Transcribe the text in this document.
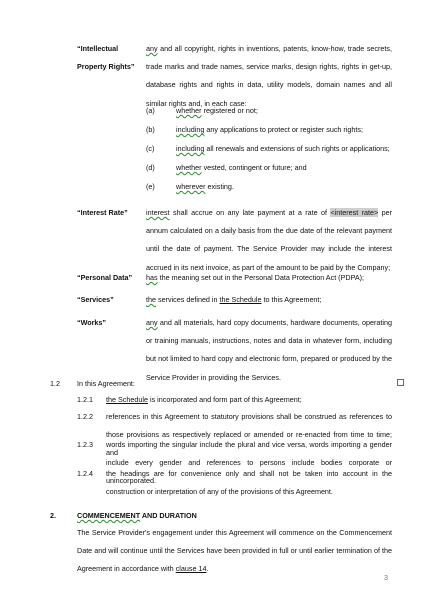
“Intellectual
Property Rights”
any and all copyright, rights in inventions, patents, know-how, trade secrets, trade marks and trade names, service marks, design rights, rights in get-up, database rights and rights in data, utility models, domain names and all similar rights and, in each case:
(a)	whether registered or not;
(b)	including any applications to protect or register such rights;
(c)	including all renewals and extensions of such rights or applications;
(d)	whether vested, contingent or future; and
(e)	wherever existing.
“Interest Rate”	interest shall accrue on any late payment at a rate of <interest rate> per annum calculated on a daily basis from the due date of the relevant payment until the date of payment. The Service Provider may include the interest accrued in its next invoice, as part of the amount to be paid by the Company;
“Personal Data” has the meaning set out in the Personal Data Protection Act (PDPA);
“Services”	the services defined in the Schedule to this Agreement;
“Works”	any and all materials, hard copy documents, hardware documents, operating or training manuals, instructions, notes and data in whatever form, including but not limited to hard copy and electronic form, prepared or produced by the Service Provider in providing the Services.
1.2 In this Agreement:
1.2.1 the Schedule is incorporated and form part of this Agreement;
1.2.2 references in this Agreement to statutory provisions shall be construed as references to those provisions as respectively replaced or amended or re-enacted from time to time; and
1.2.3 words importing the singular include the plural and vice versa, words importing a gender include every gender and references to persons include bodies corporate or unincorporated.
1.2.4 the headings are for convenience only and shall not be taken into account in the construction or interpretation of any of the provisions of this Agreement.
2.	COMMENCEMENT AND DURATION
The Service Provider's engagement under this Agreement will commence on the Commencement Date and will continue until the Services have been provided in full or until earlier termination of the Agreement in accordance with clause 14.
3
